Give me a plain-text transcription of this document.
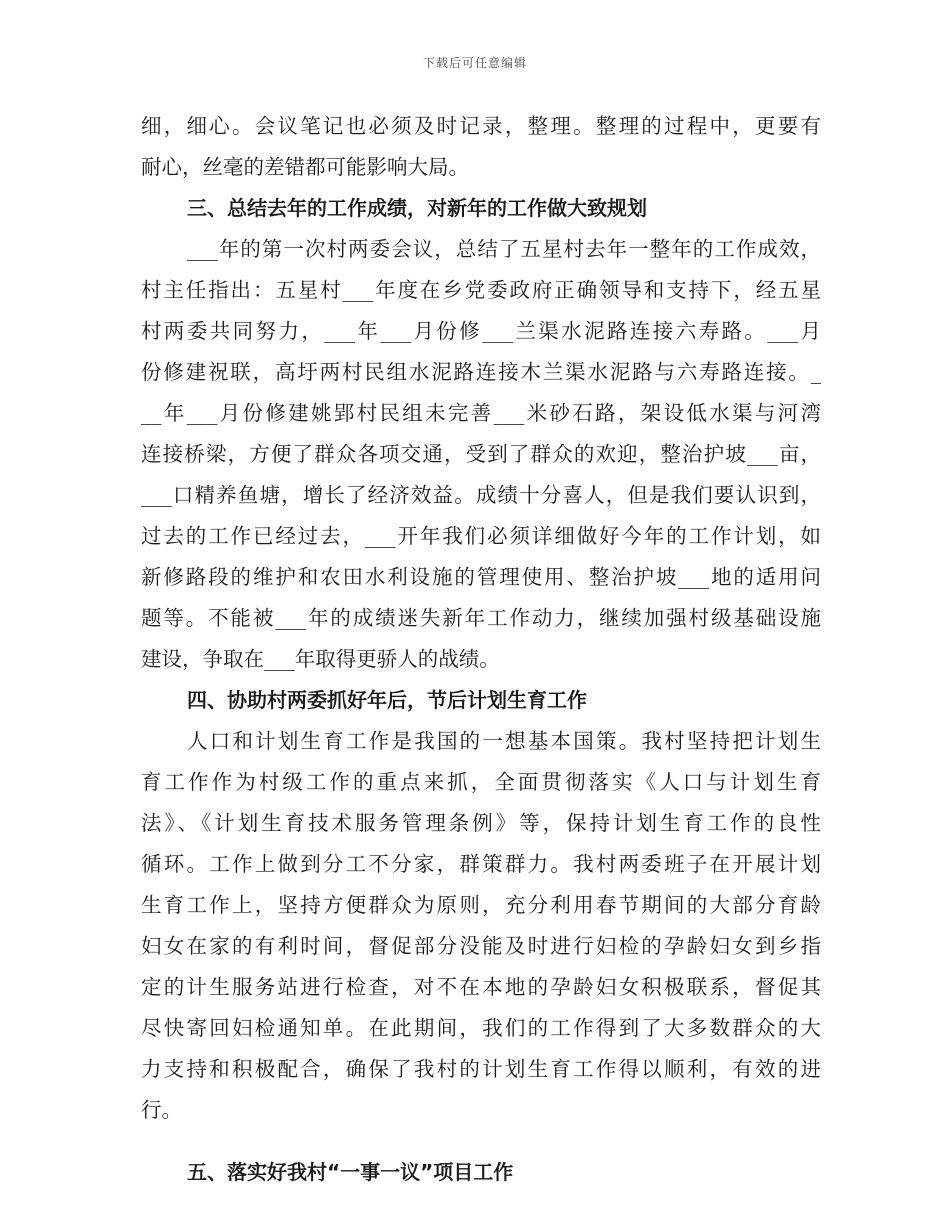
下载后可任意编辑
细，细心。会议笔记也必须及时记录，整理。整理的过程中，更要有
耐心，丝毫的差错都可能影响大局。
三、总结去年的工作成绩，对新年的工作做大致规划
___年的第一次村两委会议，总结了五星村去年一整年的工作成效，
村主任指出：五星村___年度在乡党委政府正确领导和支持下，经五星
村两委共同努力，___年___月份修___兰渠水泥路连接六寿路。___月
份修建祝联，高圩两村民组水泥路连接木兰渠水泥路与六寿路连接。_
__年___月份修建姚郢村民组未完善___米砂石路，架设低水渠与河湾
连接桥梁，方便了群众各项交通，受到了群众的欢迎，整治护坡___亩，
___口精养鱼塘，增长了经济效益。成绩十分喜人，但是我们要认识到，
过去的工作已经过去，___开年我们必须详细做好今年的工作计划，如
新修路段的维护和农田水利设施的管理使用、整治护坡___地的适用问
题等。不能被___年的成绩迷失新年工作动力，继续加强村级基础设施
建设，争取在___年取得更骄人的战绩。
四、协助村两委抓好年后，节后计划生育工作
人口和计划生育工作是我国的一想基本国策。我村坚持把计划生
育工作作为村级工作的重点来抓，全面贯彻落实《人口与计划生育
法》、《计划生育技术服务管理条例》等，保持计划生育工作的良性
循环。工作上做到分工不分家，群策群力。我村两委班子在开展计划
生育工作上，坚持方便群众为原则，充分利用春节期间的大部分育龄
妇女在家的有利时间，督促部分没能及时进行妇检的孕龄妇女到乡指
定的计生服务站进行检查，对不在本地的孕龄妇女积极联系，督促其
尽快寄回妇检通知单。在此期间，我们的工作得到了大多数群众的大
力支持和积极配合，确保了我村的计划生育工作得以顺利，有效的进
行。
五、落实好我村“一事一议”项目工作
